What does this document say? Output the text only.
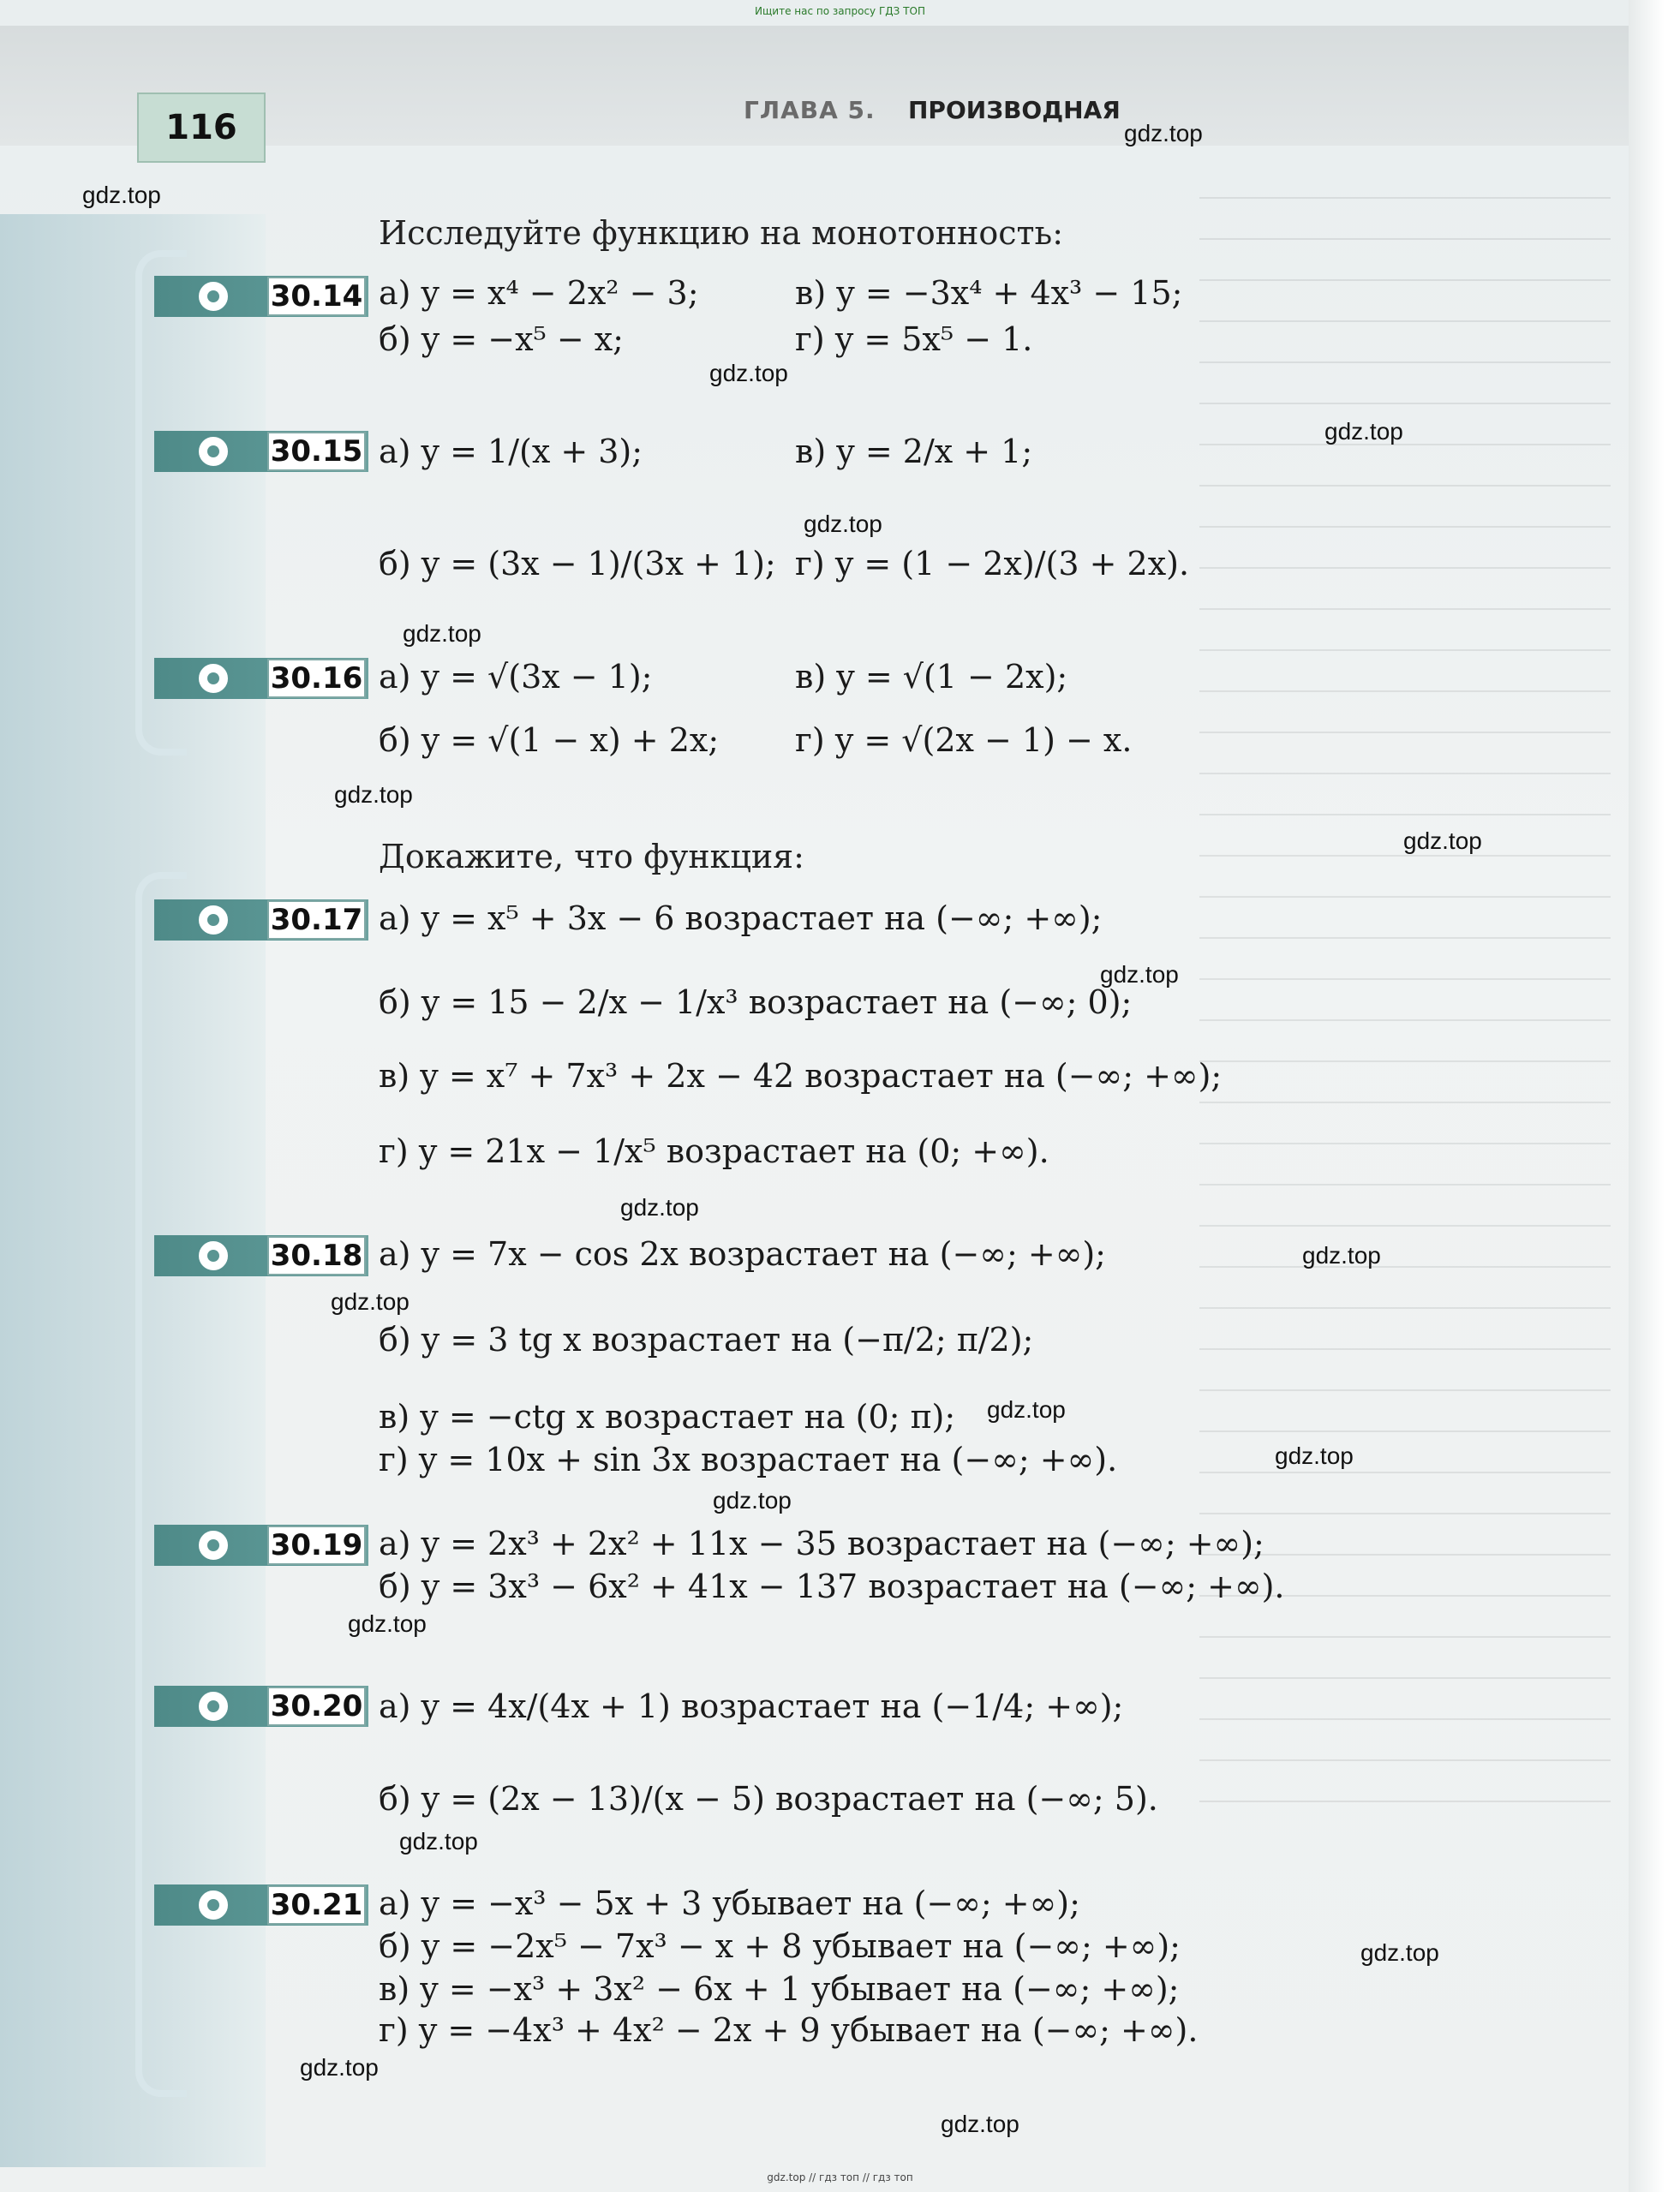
Ищите нас по запросу ГДЗ ТОП
116	ГЛАВА 5. ПРОИЗВОДНАЯ
Исследуйте функцию на монотонность:
Докажите, что функция:
30.14 а) y = x⁴ − 2x² − 3;	в) y = −3x⁴ + 4x³ − 15;
б) y = −x⁵ − x;	г) y = 5x⁵ − 1.
30.15 а) y = 1/(x + 3);	в) y = 2/x + 1;
б) y = (3x − 1)/(3x + 1); г) y = (1 − 2x)/(3 + 2x).
30.16 а) y = √(3x − 1);	в) y = √(1 − 2x);
б) y = √(1 − x) + 2x; г) y = √(2x − 1) − x.
30.17 а) y = x⁵ + 3x − 6 возрастает на (−∞; +∞);
б) y = 15 − 2/x − 1/x³ возрастает на (−∞; 0);
в) y = x⁷ + 7x³ + 2x − 42 возрастает на (−∞; +∞);
г) y = 21x − 1/x⁵ возрастает на (0; +∞).
30.18 а) y = 7x − cos 2x возрастает на (−∞; +∞);
б) y = 3 tg x возрастает на (−π/2; π/2);
в) y = −ctg x возрастает на (0; π);
г) y = 10x + sin 3x возрастает на (−∞; +∞).
30.19 а) y = 2x³ + 2x² + 11x − 35 возрастает на (−∞; +∞);
б) y = 3x³ − 6x² + 41x − 137 возрастает на (−∞; +∞).
30.20 а) y = 4x/(4x + 1) возрастает на (−1/4; +∞);
б) y = (2x − 13)/(x − 5) возрастает на (−∞; 5).
30.21 а) y = −x³ − 5x + 3 убывает на (−∞; +∞);
б) y = −2x⁵ − 7x³ − x + 8 убывает на (−∞; +∞);
в) y = −x³ + 3x² − 6x + 1 убывает на (−∞; +∞);
г) y = −4x³ + 4x² − 2x + 9 убывает на (−∞; +∞).
gdz.top
gdz.top
gdz.top
gdz.top
gdz.top
gdz.top
gdz.top
gdz.top
gdz.top
gdz.top
gdz.top
gdz.top
gdz.top
gdz.top
gdz.top
gdz.top
gdz.top
gdz.top
gdz.top
gdz.top
gdz.top // гдз топ // гдз топ
